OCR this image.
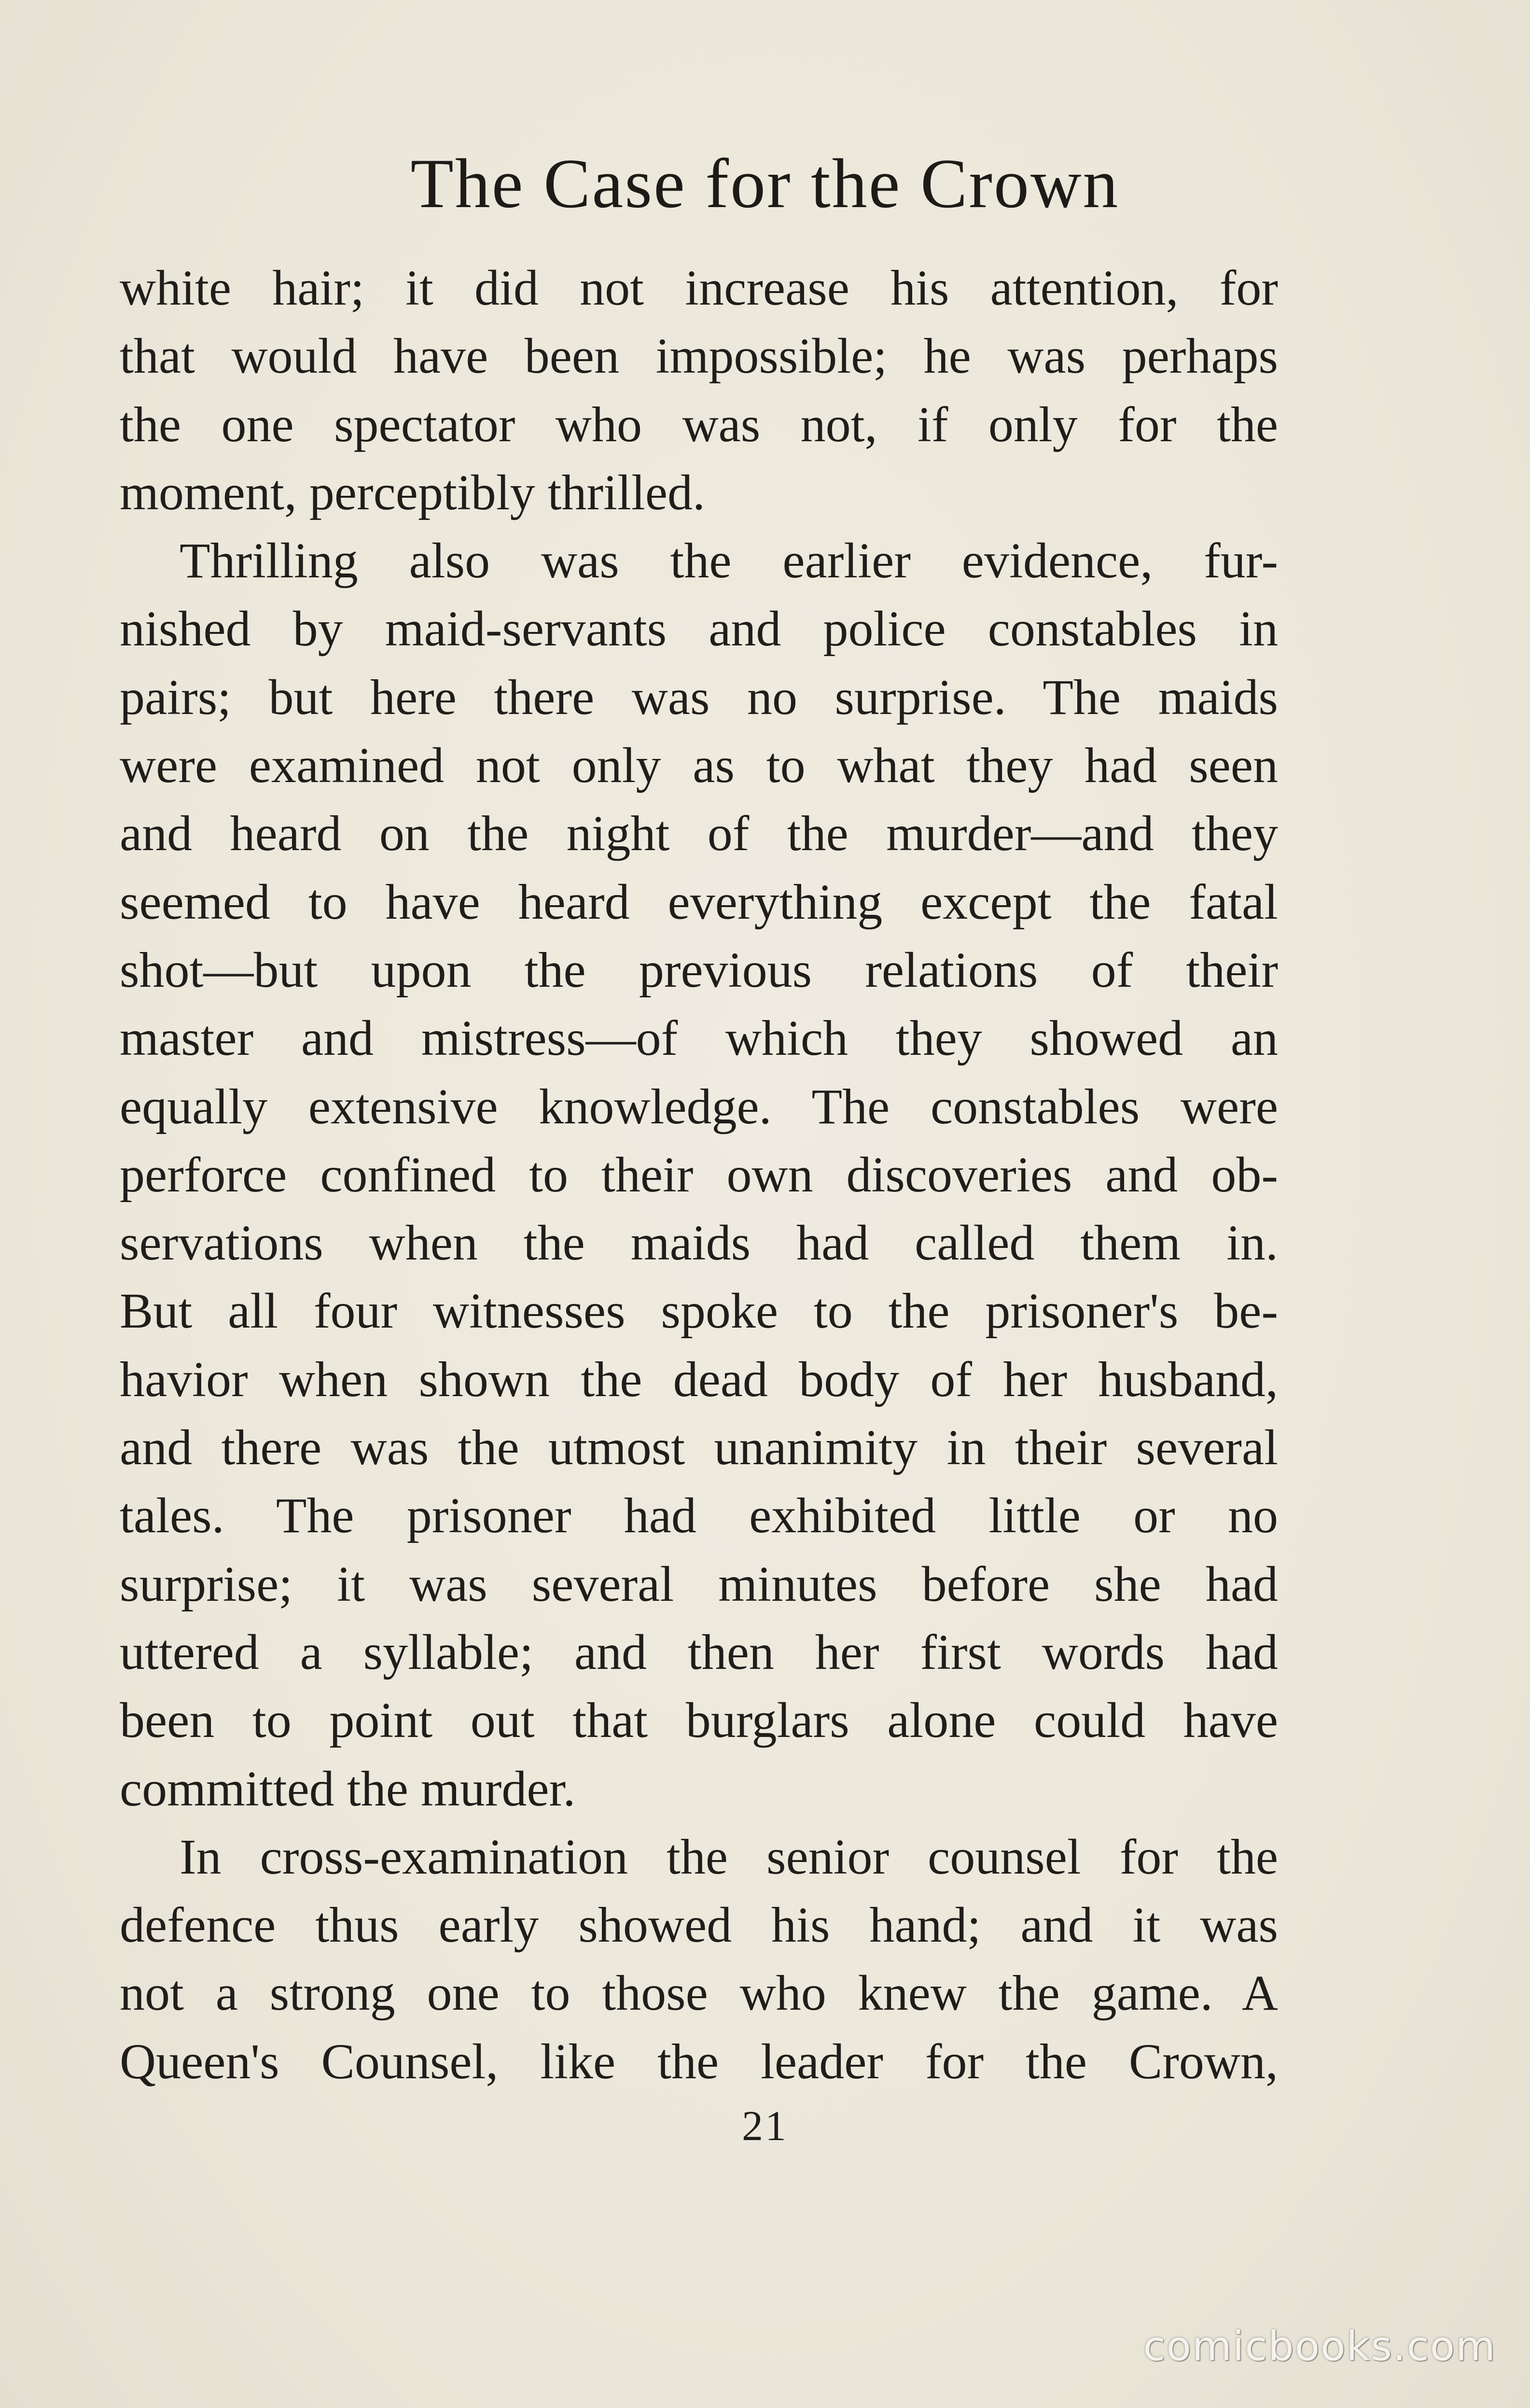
The Case for the Crown
white hair; it did not increase his attention, for
that would have been impossible; he was perhaps
the one spectator who was not, if only for the
moment, perceptibly thrilled.
Thrilling also was the earlier evidence, fur-
nished by maid-servants and police constables in
pairs; but here there was no surprise. The maids
were examined not only as to what they had seen
and heard on the night of the murder—and they
seemed to have heard everything except the fatal
shot—but upon the previous relations of their
master and mistress—of which they showed an
equally extensive knowledge. The constables were
perforce confined to their own discoveries and ob-
servations when the maids had called them in.
But all four witnesses spoke to the prisoner's be-
havior when shown the dead body of her husband,
and there was the utmost unanimity in their several
tales. The prisoner had exhibited little or no
surprise; it was several minutes before she had
uttered a syllable; and then her first words had
been to point out that burglars alone could have
committed the murder.
In cross-examination the senior counsel for the
defence thus early showed his hand; and it was
not a strong one to those who knew the game. A
Queen's Counsel, like the leader for the Crown,
21
comicbooks.com
